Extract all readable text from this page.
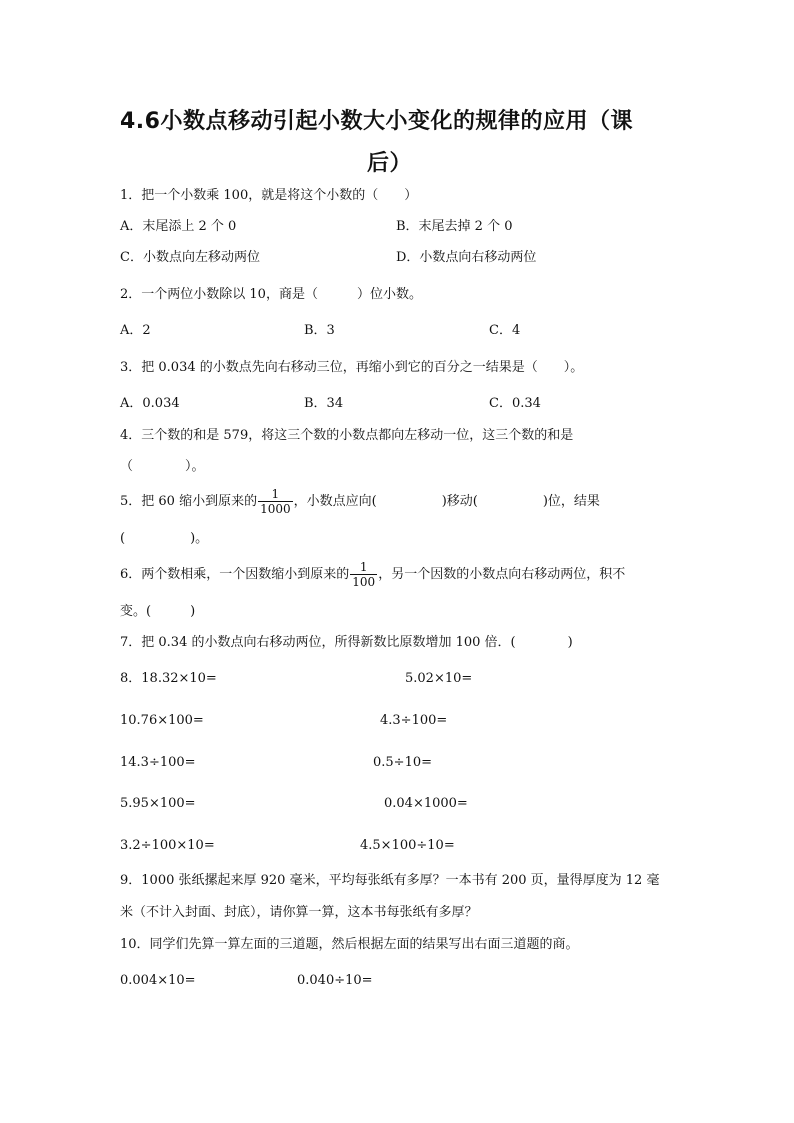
4.6小数点移动引起小数大小变化的规律的应用（课
后）
1．把一个小数乘 100，就是将这个小数的（　　）
A．末尾添上 2 个 0	B．末尾去掉 2 个 0
C．小数点向左移动两位	D．小数点向右移动两位
2．一个两位小数除以 10，商是（　　　）位小数。
A．2	B．3	C．4
3．把 0.034 的小数点先向右移动三位，再缩小到它的百分之一结果是（　　）。
A．0.034	B．34	C．0.34
4．三个数的和是 579，将这三个数的小数点都向左移动一位，这三个数的和是
（　　　　）。
5．把 60 缩小到原来的 $\frac{1}{1000}$ ，小数点应向(　　　　　)移动(　　　　　)位，结果
(　　　　　)。
6．两个数相乘，一个因数缩小到原来的 $\frac{1}{100}$ ，另一个因数的小数点向右移动两位，积不
变。(　　　)
7．把 0.34 的小数点向右移动两位，所得新数比原数增加 100 倍．(　　　　)
8．18.32×10=	5.02×10=
10.76×100=	4.3÷100=
14.3÷100=	0.5÷10=
5.95×100=	0.04×1000=
3.2÷100×10=	4.5×100÷10=
9．1000 张纸摞起来厚 920 毫米，平均每张纸有多厚？一本书有 200 页，量得厚度为 12 毫
米（不计入封面、封底），请你算一算，这本书每张纸有多厚？
10．同学们先算一算左面的三道题，然后根据左面的结果写出右面三道题的商。
0.004×10=	0.040÷10=
